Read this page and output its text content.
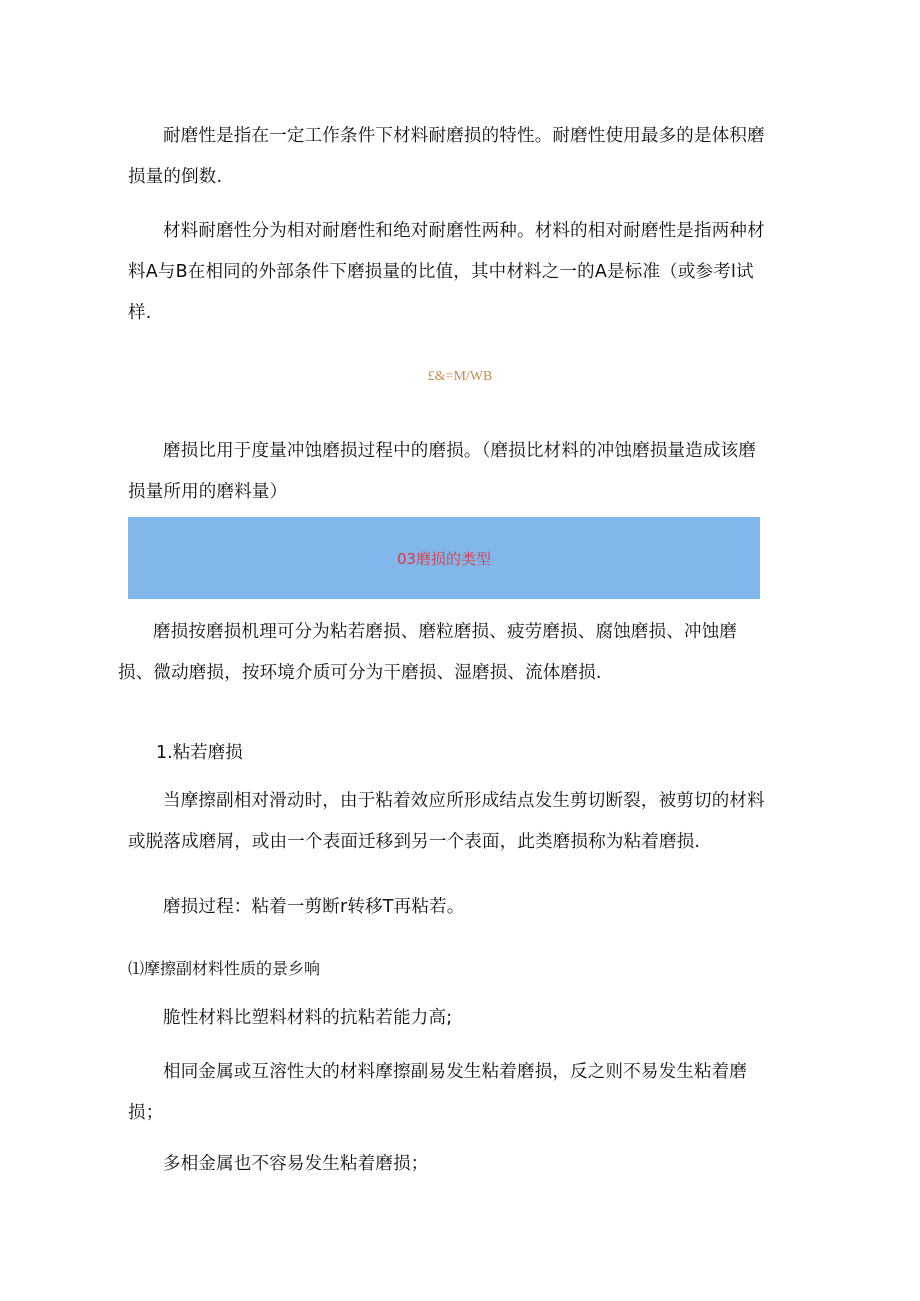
耐磨性是指在一定工作条件下材料耐磨损的特性。耐磨性使用最多的是体积磨损量的倒数.

材料耐磨性分为相对耐磨性和绝对耐磨性两种。材料的相对耐磨性是指两种材料A与B在相同的外部条件下磨损量的比值，其中材料之一的A是标准（或参考l试样.

£&=M/WB

磨损比用于度量冲蚀磨损过程中的磨损。（磨损比材料的冲蚀磨损量造成该磨损量所用的磨料量）

03磨损的类型

磨损按磨损机理可分为粘若磨损、磨粒磨损、疲劳磨损、腐蚀磨损、冲蚀磨损、微动磨损，按环境介质可分为干磨损、湿磨损、流体磨损.

1.粘若磨损

当摩擦副相对滑动时，由于粘着效应所形成结点发生剪切断裂，被剪切的材料或脱落成磨屑，或由一个表面迁移到另一个表面，此类磨损称为粘着磨损.

磨损过程：粘着一剪断r转移T再粘若。

⑴摩擦副材料性质的景乡响

脆性材料比塑料材料的抗粘若能力高;

相同金属或互溶性大的材料摩擦副易发生粘着磨损，反之则不易发生粘着磨损；

多相金属也不容易发生粘着磨损；
